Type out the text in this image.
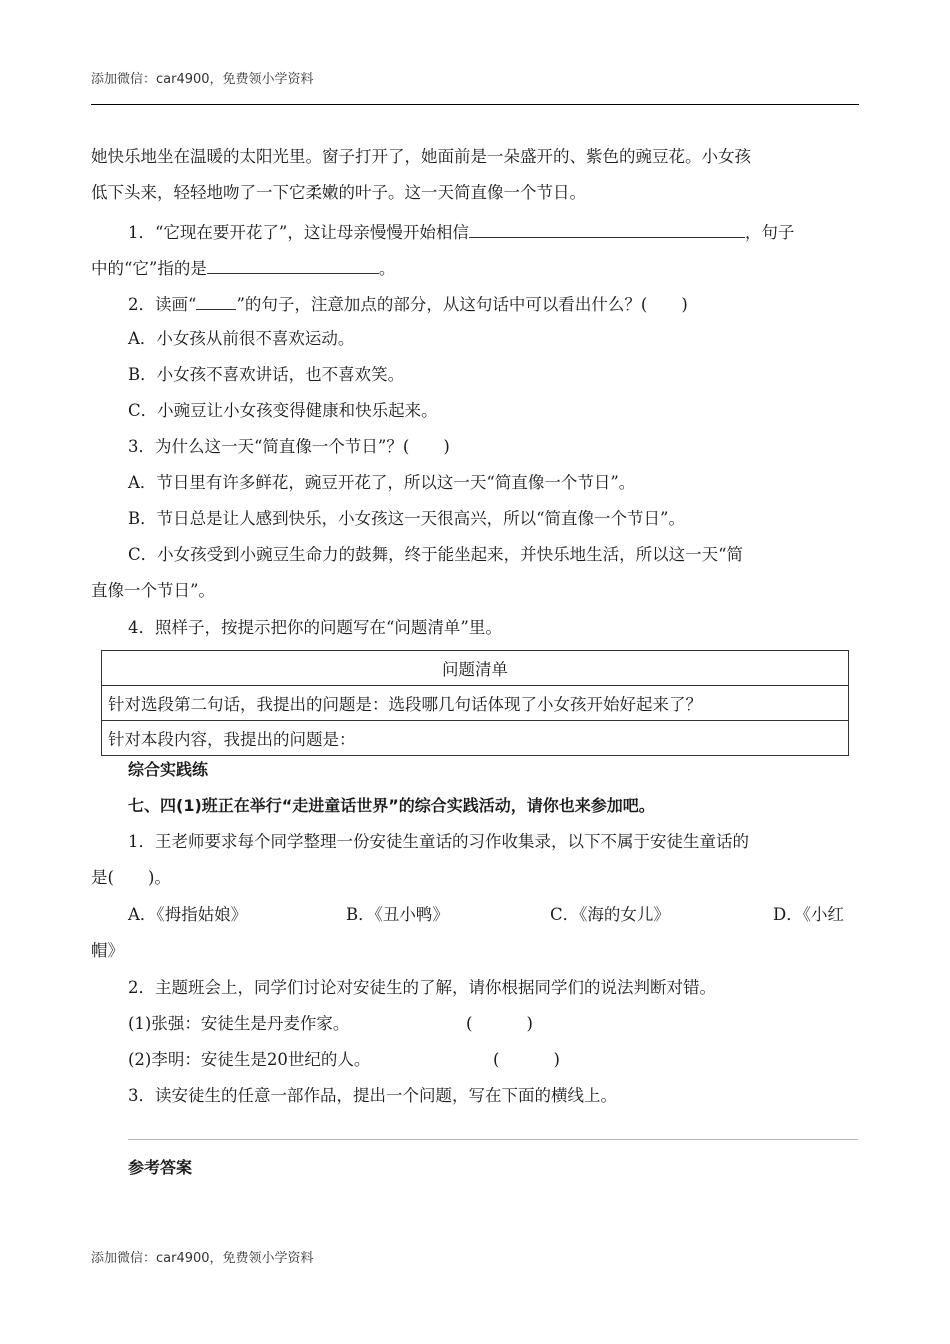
添加微信：car4900，免费领小学资料
她快乐地坐在温暖的太阳光里。窗子打开了，她面前是一朵盛开的、紫色的豌豆花。小女孩
低下头来，轻轻地吻了一下它柔嫩的叶子。这一天简直像一个节日。
1．“它现在要开花了”，这让母亲慢慢开始相信	，句子
中的“它”指的是	。
2．读画“ ”的句子，注意加点的部分，从这句话中可以看出什么？( )
A．小女孩从前很不喜欢运动。
B．小女孩不喜欢讲话，也不喜欢笑。
C．小豌豆让小女孩变得健康和快乐起来。
3．为什么这一天“简直像一个节日”？( )
A．节日里有许多鲜花，豌豆开花了，所以这一天“简直像一个节日”。
B．节日总是让人感到快乐，小女孩这一天很高兴，所以“简直像一个节日”。
C．小女孩受到小豌豆生命力的鼓舞，终于能坐起来，并快乐地生活，所以这一天“简
直像一个节日”。
4．照样子，按提示把你的问题写在“问题清单”里。
问题清单
针对选段第二句话，我提出的问题是：选段哪几句话体现了小女孩开始好起来了？
针对本段内容，我提出的问题是：
综合实践练
七、四(1)班正在举行“走进童话世界”的综合实践活动，请你也来参加吧。
1．王老师要求每个同学整理一份安徒生童话的习作收集录，以下不属于安徒生童话的
是( )。
A．《拇指姑娘》	B．《丑小鸭》	C．《海的女儿》	D．《小红
帽》
2．主题班会上，同学们讨论对安徒生的了解，请你根据同学们的说法判断对错。
(1)张强：安徒生是丹麦作家。	(	)
(2)李明：安徒生是20世纪的人。	(	)
3．读安徒生的任意一部作品，提出一个问题，写在下面的横线上。
参考答案
添加微信：car4900，免费领小学资料
